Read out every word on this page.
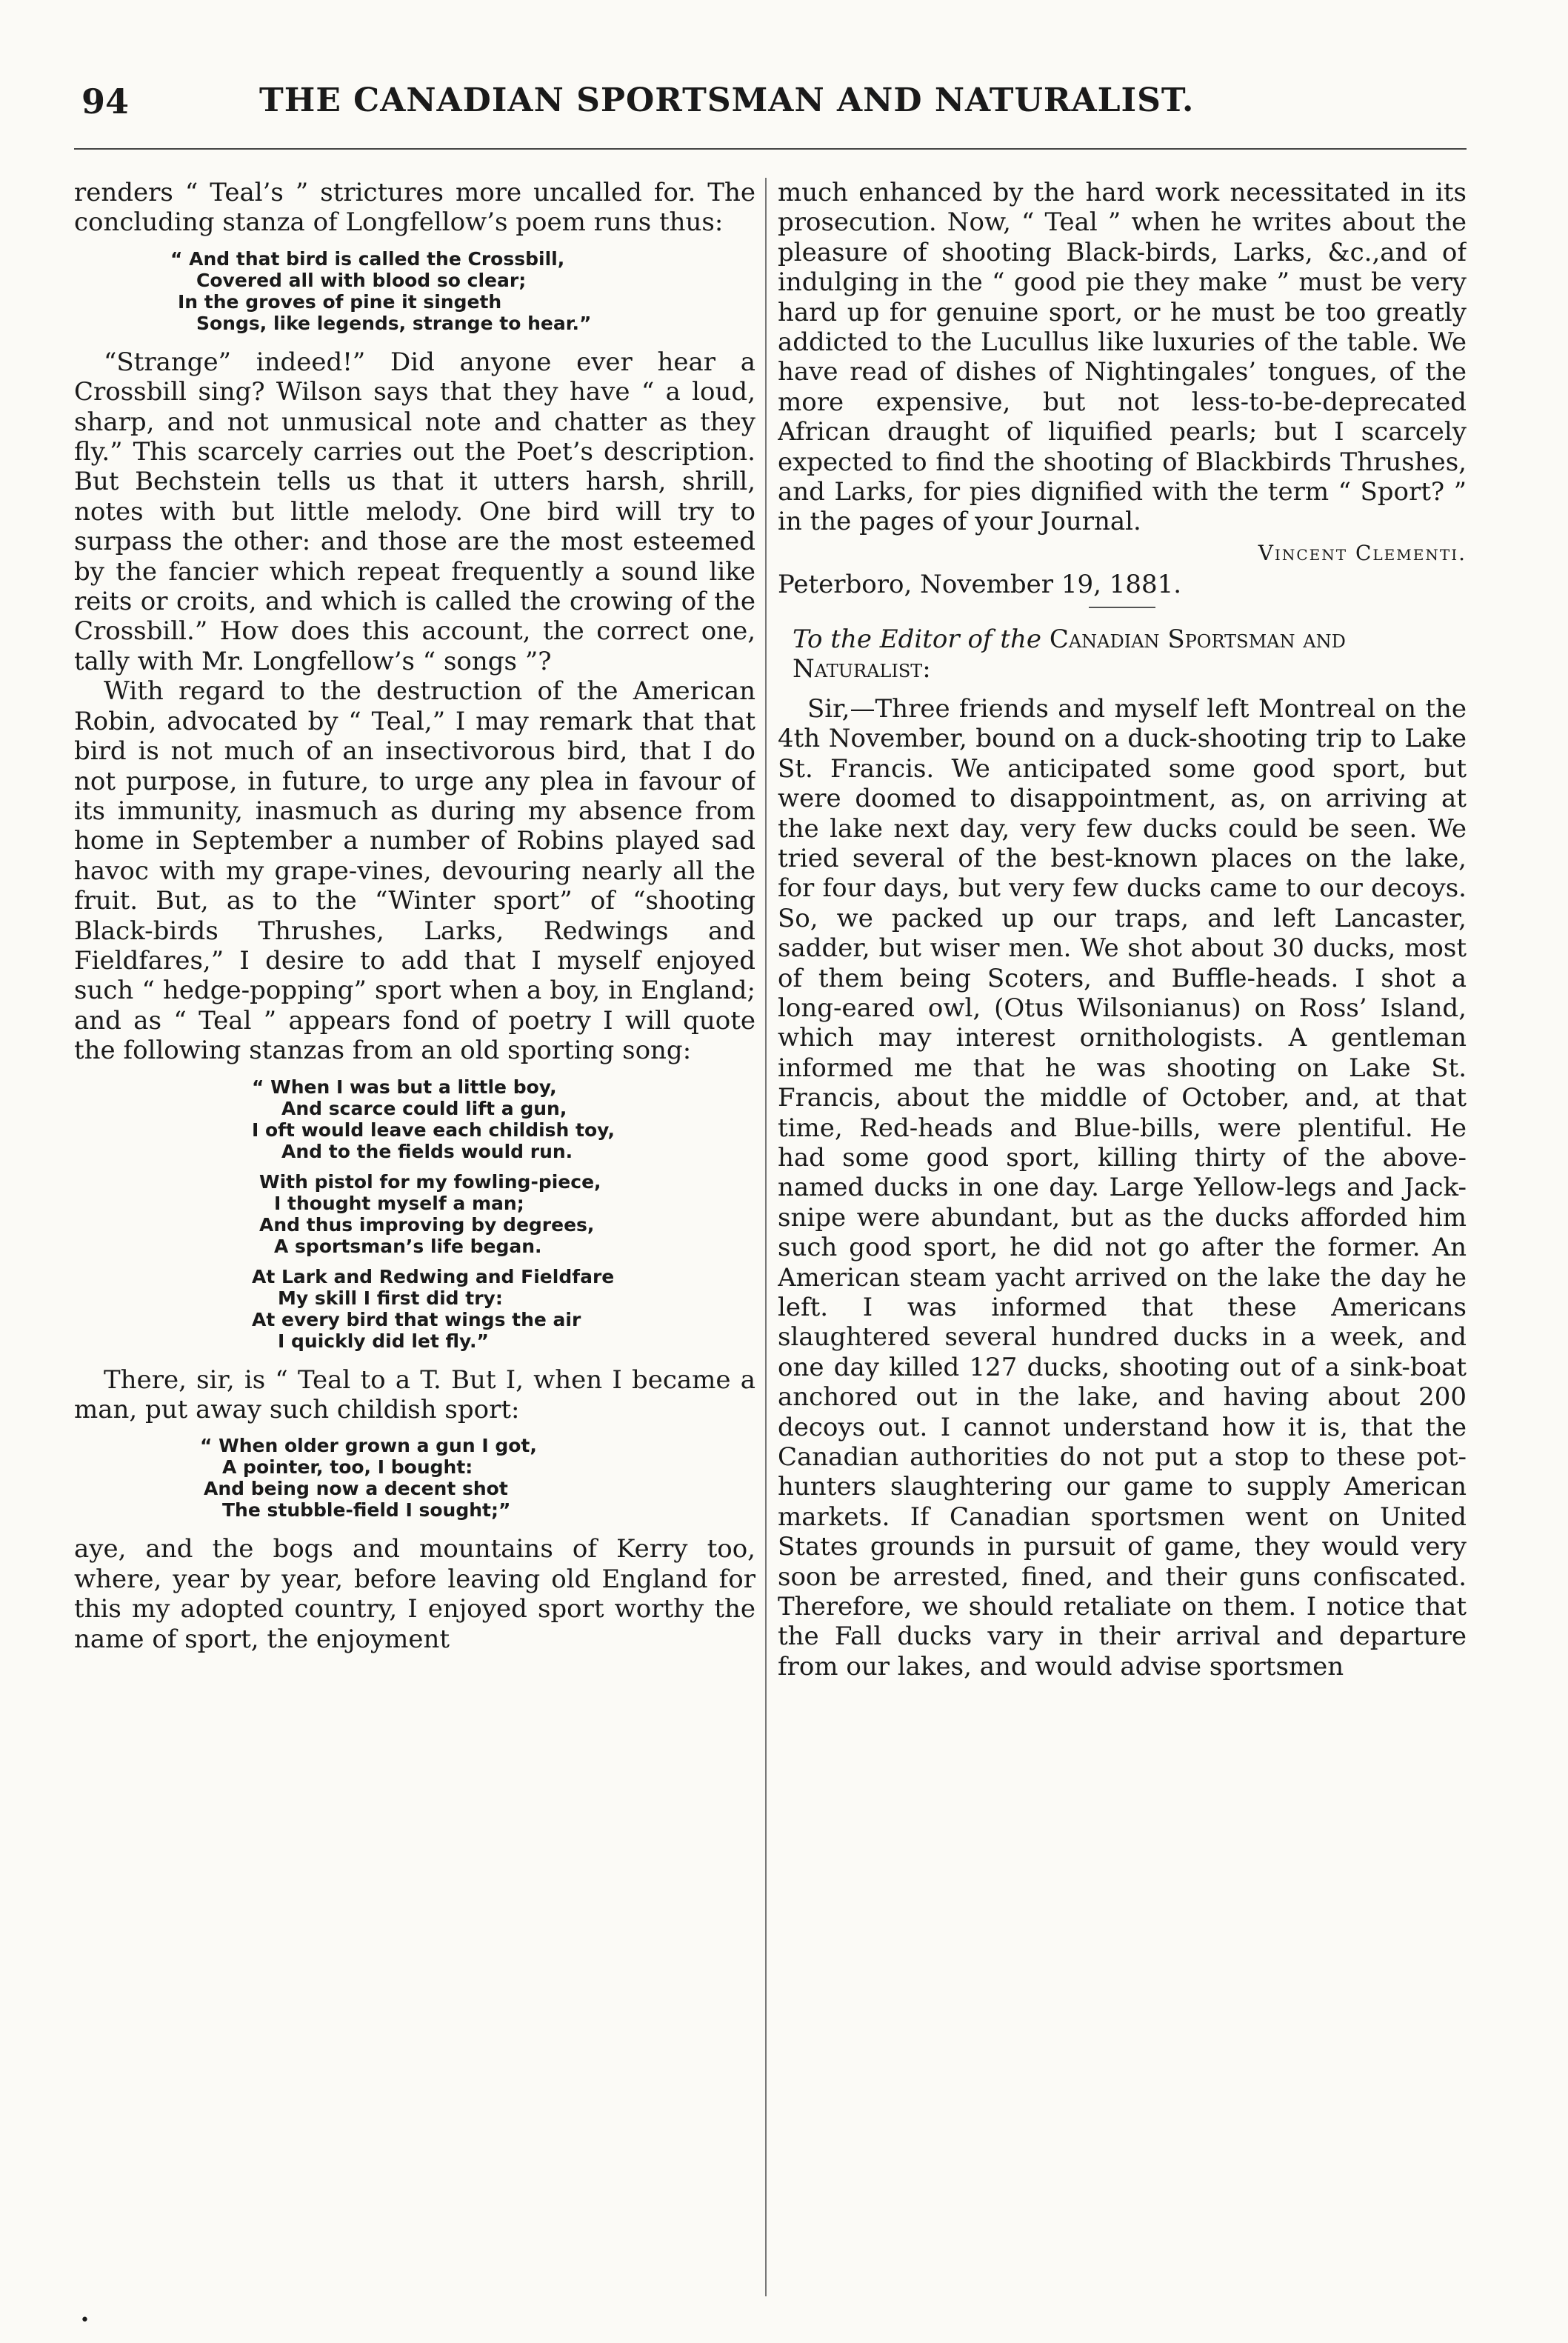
94	THE CANADIAN SPORTSMAN AND NATURALIST.

renders “ Teal’s ” strictures more uncalled for. The concluding stanza of Longfellow’s poem runs thus:

“ And that bird is called the Crossbill,
Covered all with blood so clear;
In the groves of pine it singeth
Songs, like legends, strange to hear.”

“Strange” indeed!” Did anyone ever hear a Crossbill sing? Wilson says that they have “ a loud, sharp, and not unmusical note and chatter as they fly.” This scarcely carries out the Poet’s description. But Bechstein tells us that it utters harsh, shrill, notes with but little melody. One bird will try to surpass the other: and those are the most esteemed by the fancier which repeat frequently a sound like reits or croits, and which is called the crowing of the Crossbill.” How does this account, the correct one, tally with Mr. Longfellow’s “ songs ”?

With regard to the destruction of the American Robin, advocated by “ Teal,” I may remark that that bird is not much of an insectivorous bird, that I do not purpose, in future, to urge any plea in favour of its immunity, inasmuch as during my absence from home in September a number of Robins played sad havoc with my grape-vines, devouring nearly all the fruit. But, as to the “Winter sport” of “shooting Black-birds Thrushes, Larks, Redwings and Fieldfares,” I desire to add that I myself enjoyed such “ hedge-popping” sport when a boy, in England; and as “ Teal ” appears fond of poetry I will quote the following stanzas from an old sporting song:

“ When I was but a little boy,
And scarce could lift a gun,
I oft would leave each childish toy,
And to the fields would run.
With pistol for my fowling-piece,
I thought myself a man;
And thus improving by degrees,
A sportsman’s life began.
At Lark and Redwing and Fieldfare
My skill I first did try:
At every bird that wings the air
I quickly did let fly.”

There, sir, is “ Teal to a T. But I, when I became a man, put away such childish sport:

“ When older grown a gun I got,
A pointer, too, I bought:
And being now a decent shot
The stubble-field I sought;”

aye, and the bogs and mountains of Kerry too, where, year by year, before leaving old England for this my adopted country, I enjoyed sport worthy the name of sport, the enjoyment

much enhanced by the hard work necessitated in its prosecution. Now, “ Teal ” when he writes about the pleasure of shooting Black-birds, Larks, &c.,and of indulging in the “ good pie they make ” must be very hard up for genuine sport, or he must be too greatly addicted to the Lucullus like luxuries of the table. We have read of dishes of Nightingales’ tongues, of the more expensive, but not less-to-be-deprecated African draught of liquified pearls; but I scarcely expected to find the shooting of Blackbirds Thrushes, and Larks, for pies dignified with the term “ Sport? ” in the pages of your Journal.

Vincent Clementi.
Peterboro, November 19, 1881.
To the Editor of the Canadian Sportsman and Naturalist:

Sir,—Three friends and myself left Montreal on the 4th November, bound on a duck-shooting trip to Lake St. Francis. We anticipated some good sport, but were doomed to disappointment, as, on arriving at the lake next day, very few ducks could be seen. We tried several of the best-known places on the lake, for four days, but very few ducks came to our decoys. So, we packed up our traps, and left Lancaster, sadder, but wiser men. We shot about 30 ducks, most of them being Scoters, and Buffle-heads. I shot a long-eared owl, (Otus Wilsonianus) on Ross’ Island, which may interest ornithologists. A gentleman informed me that he was shooting on Lake St. Francis, about the middle of October, and, at that time, Red-heads and Blue-bills, were plentiful. He had some good sport, killing thirty of the above-named ducks in one day. Large Yellow-legs and Jack-snipe were abundant, but as the ducks afforded him such good sport, he did not go after the former. An American steam yacht arrived on the lake the day he left. I was informed that these Americans slaughtered several hundred ducks in a week, and one day killed 127 ducks, shooting out of a sink-boat anchored out in the lake, and having about 200 decoys out. I cannot understand how it is, that the Canadian authorities do not put a stop to these pot-hunters slaughtering our game to supply American markets. If Canadian sportsmen went on United States grounds in pursuit of game, they would very soon be arrested, fined, and their guns confiscated. Therefore, we should retaliate on them. I notice that the Fall ducks vary in their arrival and departure from our lakes, and would advise sportsmen

•
